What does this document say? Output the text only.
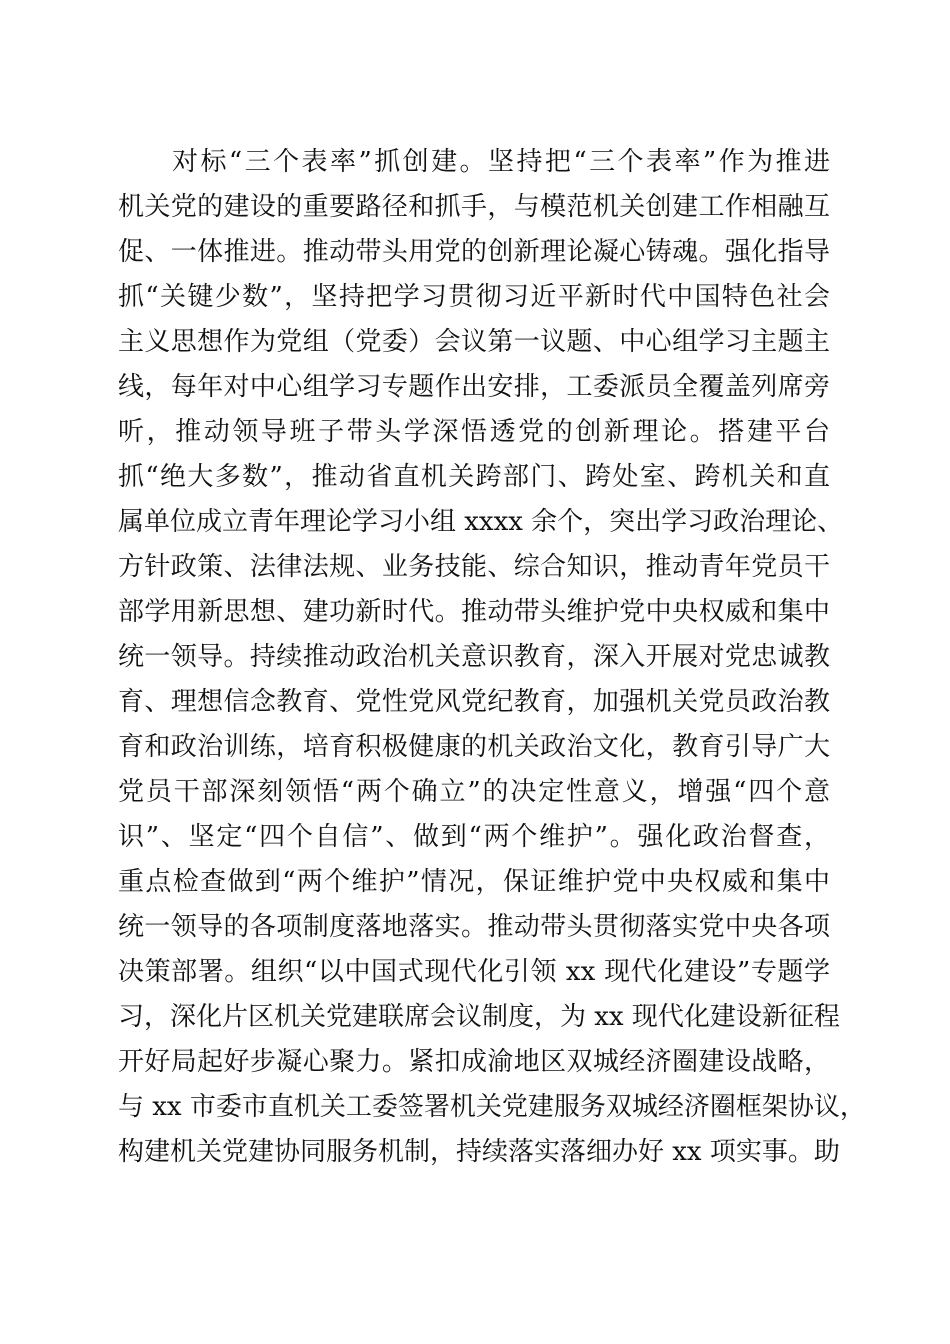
对标“三个表率”抓创建。坚持把“三个表率”作为推进
机关党的建设的重要路径和抓手，与模范机关创建工作相融互
促、一体推进。推动带头用党的创新理论凝心铸魂。强化指导
抓“关键少数”，坚持把学习贯彻习近平新时代中国特色社会
主义思想作为党组（党委）会议第一议题、中心组学习主题主
线，每年对中心组学习专题作出安排，工委派员全覆盖列席旁
听，推动领导班子带头学深悟透党的创新理论。搭建平台
抓“绝大多数”，推动省直机关跨部门、跨处室、跨机关和直
属单位成立青年理论学习小组 xxxx 余个，突出学习政治理论、
方针政策、法律法规、业务技能、综合知识，推动青年党员干
部学用新思想、建功新时代。推动带头维护党中央权威和集中
统一领导。持续推动政治机关意识教育，深入开展对党忠诚教
育、理想信念教育、党性党风党纪教育，加强机关党员政治教
育和政治训练，培育积极健康的机关政治文化，教育引导广大
党员干部深刻领悟“两个确立”的决定性意义，增强“四个意
识”、坚定“四个自信”、做到“两个维护”。强化政治督查，
重点检查做到“两个维护”情况，保证维护党中央权威和集中
统一领导的各项制度落地落实。推动带头贯彻落实党中央各项
决策部署。组织“以中国式现代化引领 xx 现代化建设”专题学
习，深化片区机关党建联席会议制度，为 xx 现代化建设新征程
开好局起好步凝心聚力。紧扣成渝地区双城经济圈建设战略，
与 xx 市委市直机关工委签署机关党建服务双城经济圈框架协议，
构建机关党建协同服务机制，持续落实落细办好 xx 项实事。助
